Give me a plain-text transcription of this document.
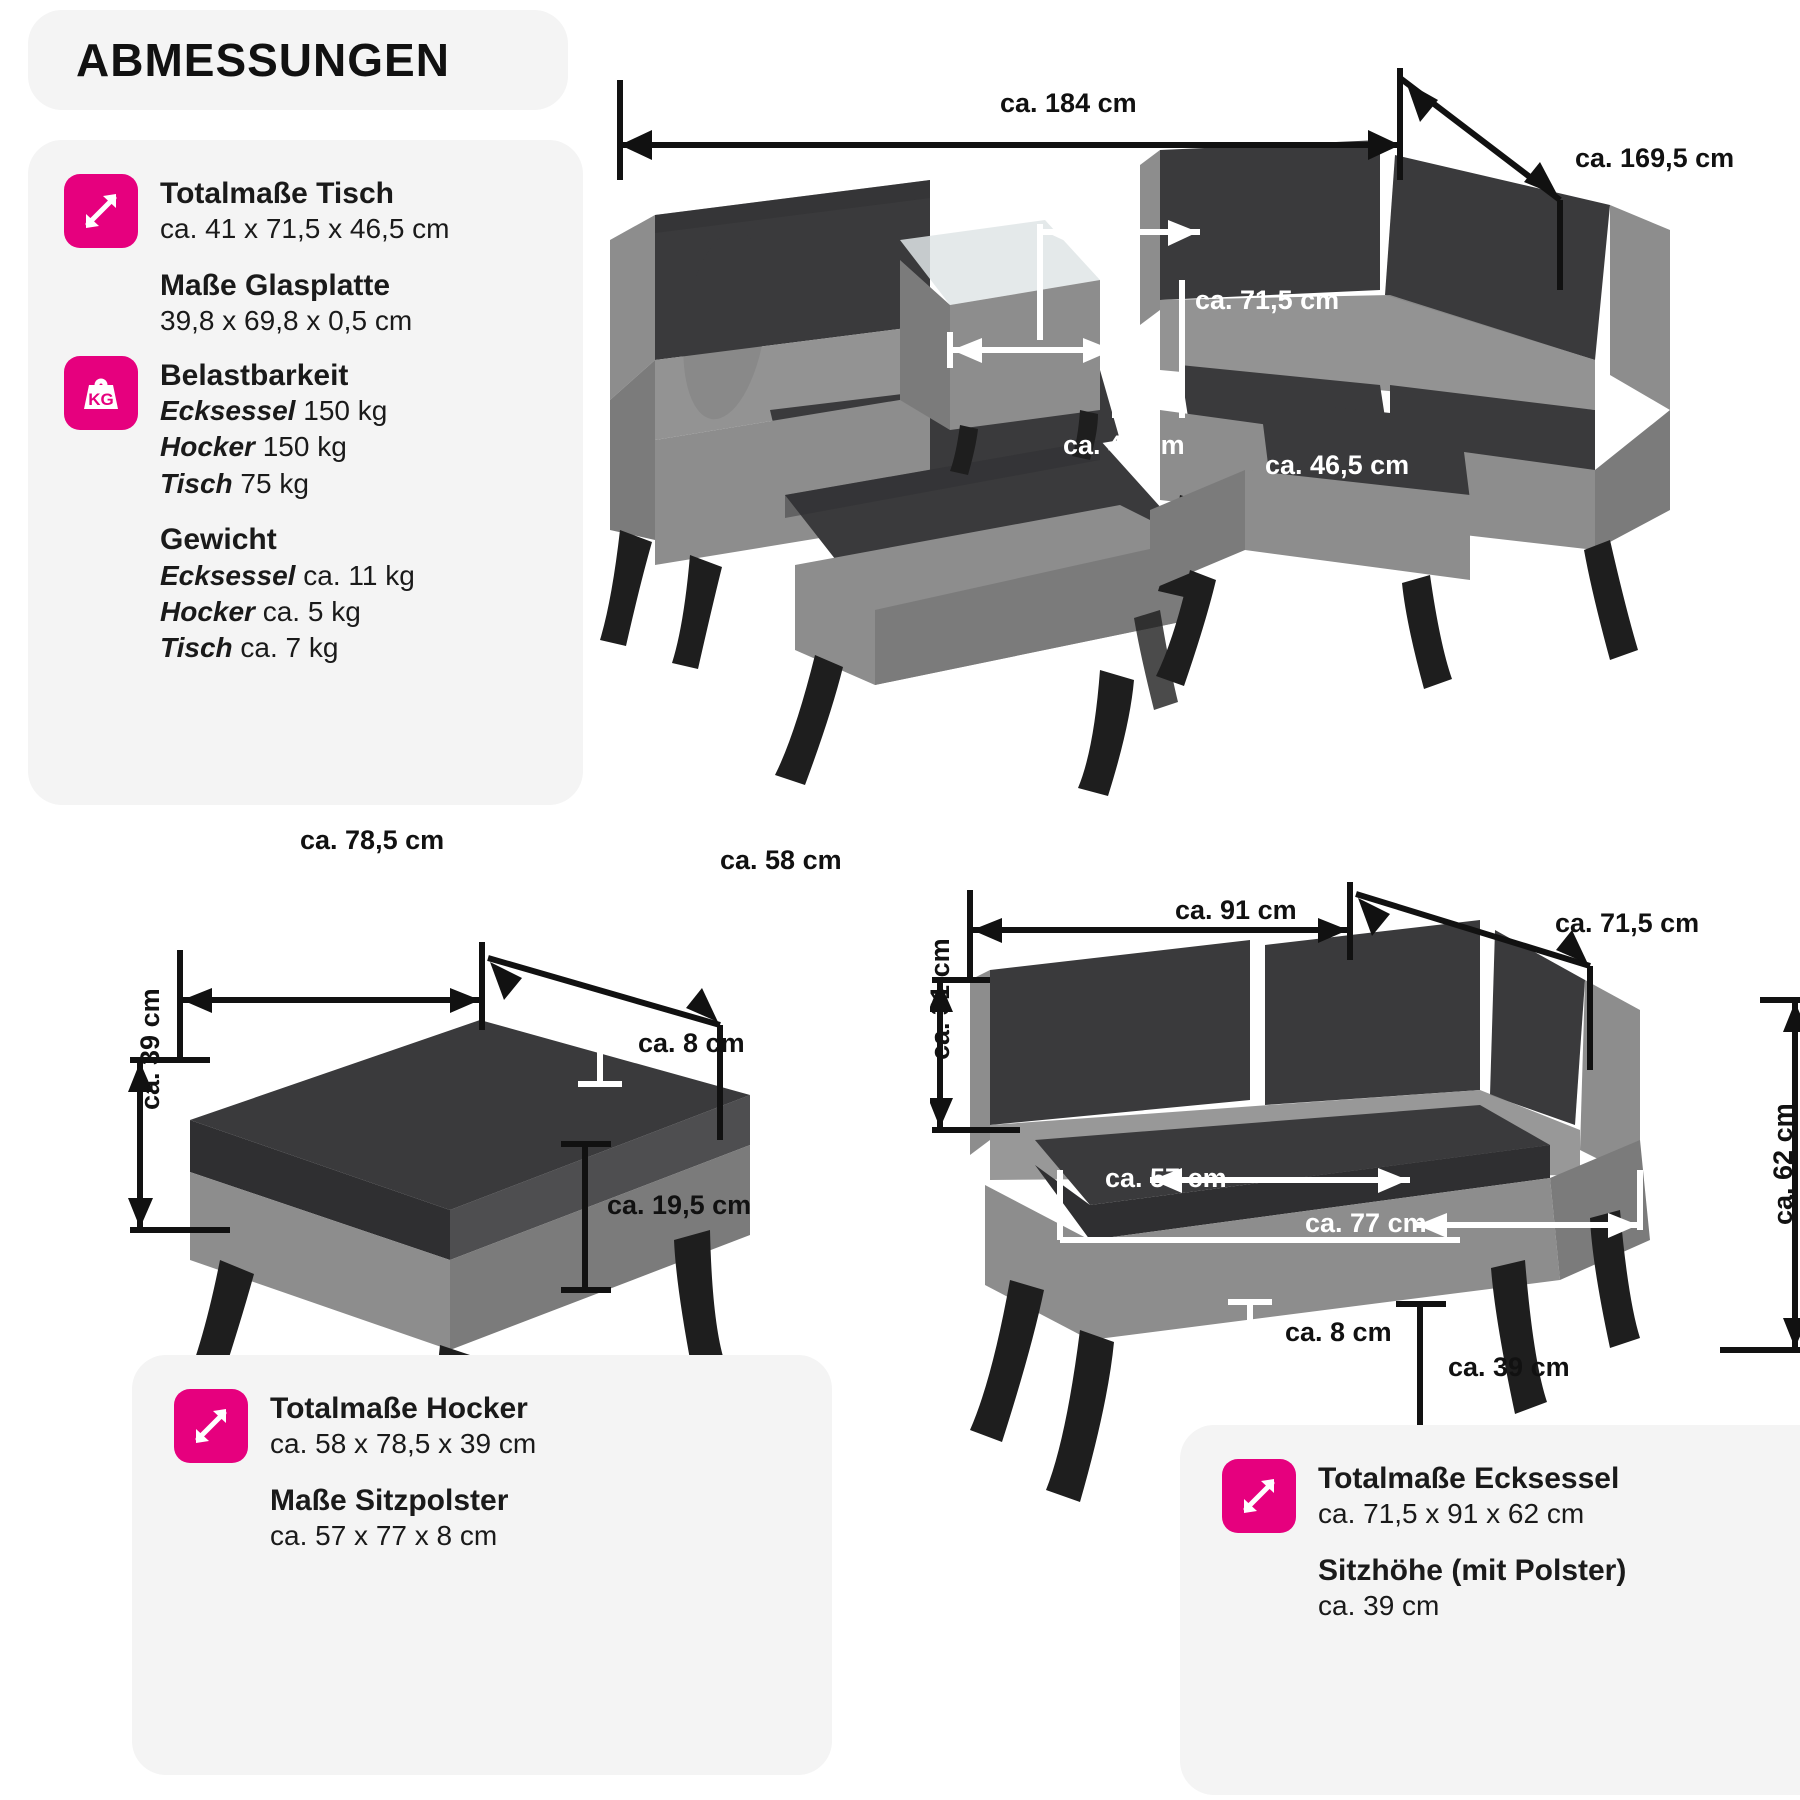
ABMESSUNGEN
Totalmaße Tisch
ca. 41 x 71,5 x 46,5 cm
Maße Glasplatte
39,8 x 69,8 x 0,5 cm
KG
Belastbarkeit
Ecksessel 150 kg
Hocker 150 kg
Tisch 75 kg
Gewicht
Ecksessel ca. 11 kg
Hocker ca. 5 kg
Tisch ca. 7 kg
ca. 184 cm
ca. 169,5 cm
ca. 71,5 cm
ca. 41 cm
ca. 46,5 cm
ca. 78,5 cm
ca. 58 cm
ca. 39 cm	ca. 8 cm
ca. 19,5 cm
ca. 91 cm	ca. 71,5 cm
ca. 31 cm
ca. 62 cm
ca. 57 cm
ca. 77 cm
ca. 8 cm
ca. 39 cm
Totalmaße Hocker
ca. 58 x 78,5 x 39 cm
Maße Sitzpolster
ca. 57 x 77 x 8 cm
Totalmaße Ecksessel
ca. 71,5 x 91 x 62 cm
Sitzhöhe (mit Polster)
ca. 39 cm
